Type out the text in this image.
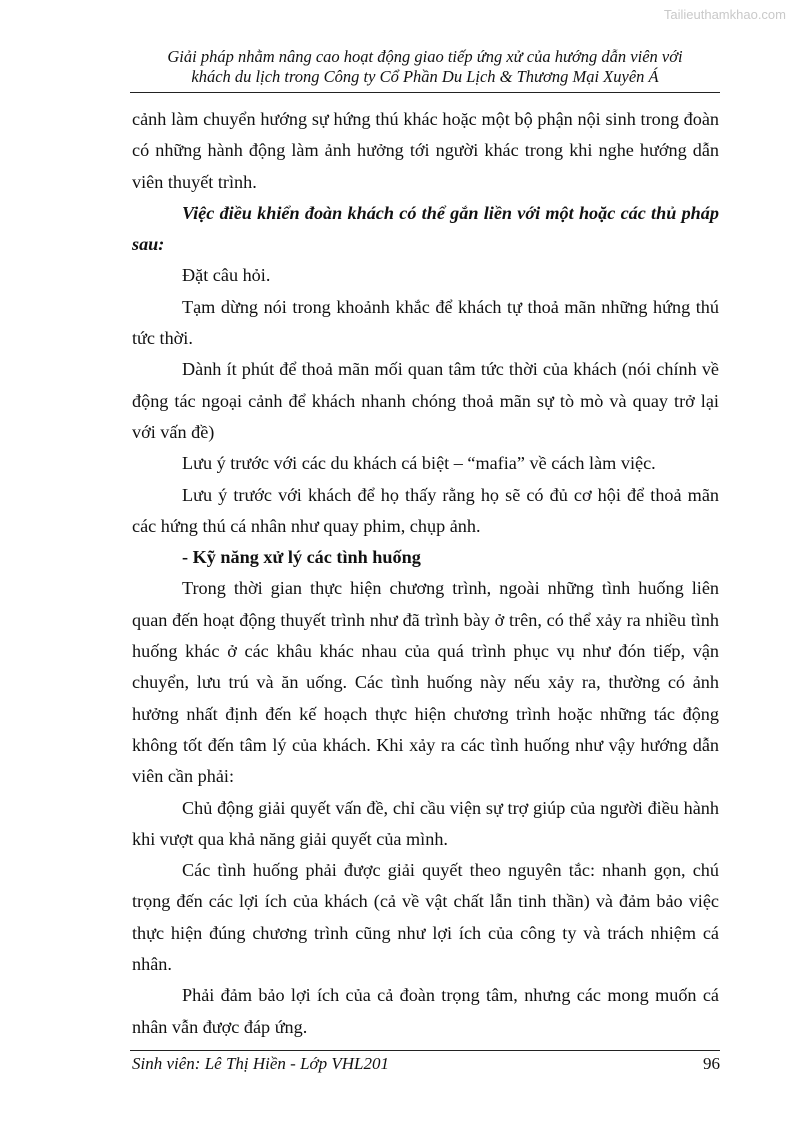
Tailieuthamkhao.com
Giải pháp nhằm nâng cao hoạt động giao tiếp ứng xử của hướng dẫn viên với
khách du lịch trong Công ty Cổ Phần Du Lịch & Thương Mại Xuyên Á

cảnh làm chuyển hướng sự hứng thú khác hoặc một bộ phận nội sinh trong đoàn có những hành động làm ảnh hưởng tới người khác trong khi nghe hướng dẫn viên thuyết trình.

Việc điều khiển đoàn khách có thể gắn liền với một hoặc các thủ pháp sau:

Đặt câu hỏi.

Tạm dừng nói trong khoảnh khắc để khách tự thoả mãn những hứng thú tức thời.

Dành ít phút để thoả mãn mối quan tâm tức thời của khách (nói chính về động tác ngoại cảnh để khách nhanh chóng thoả mãn sự tò mò và quay trở lại với vấn đề)

Lưu ý trước với các du khách cá biệt – “mafia” về cách làm việc.

Lưu ý trước với khách để họ thấy rằng họ sẽ có đủ cơ hội để thoả mãn các hứng thú cá nhân như quay phim, chụp ảnh.

- Kỹ năng xử lý các tình huống

Trong thời gian thực hiện chương trình, ngoài những tình huống liên quan đến hoạt động thuyết trình như đã trình bày ở trên, có thể xảy ra nhiều tình huống khác ở các khâu khác nhau của quá trình phục vụ như đón tiếp, vận chuyển, lưu trú và ăn uống. Các tình huống này nếu xảy ra, thường có ảnh hưởng nhất định đến kế hoạch thực hiện chương trình hoặc những tác động không tốt đến tâm lý của khách. Khi xảy ra các tình huống như vậy hướng dẫn viên cần phải:

Chủ động giải quyết vấn đề, chỉ cầu viện sự trợ giúp của người điều hành khi vượt qua khả năng giải quyết của mình.

Các tình huống phải được giải quyết theo nguyên tắc: nhanh gọn, chú trọng đến các lợi ích của khách (cả về vật chất lẫn tinh thần) và đảm bảo việc thực hiện đúng chương trình cũng như lợi ích của công ty và trách nhiệm cá nhân.

Phải đảm bảo lợi ích của cả đoàn trọng tâm, nhưng các mong muốn cá nhân vẫn được đáp ứng.

Sinh viên: Lê Thị Hiền - Lớp VHL201	96
